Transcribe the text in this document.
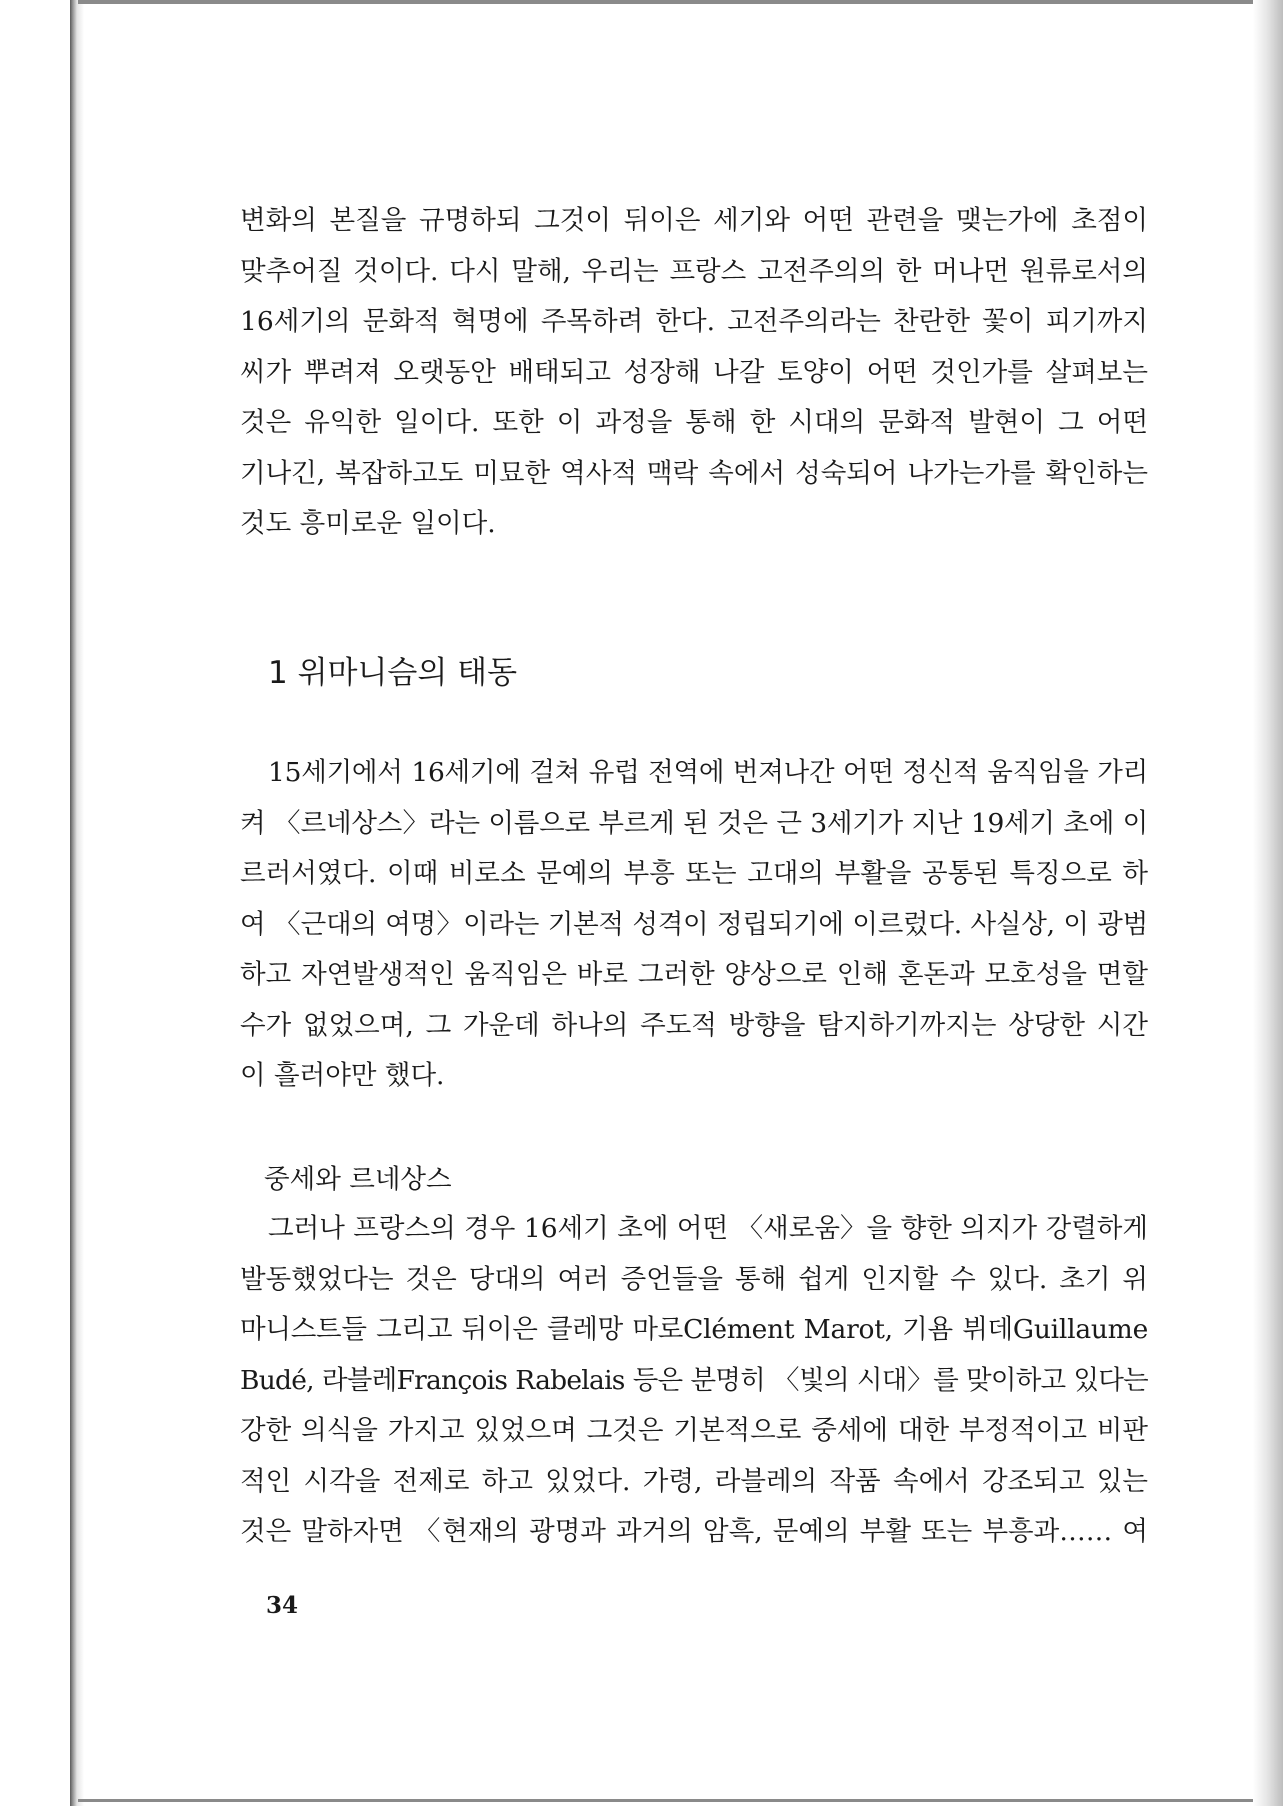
변화의 본질을 규명하되 그것이 뒤이은 세기와 어떤 관련을 맺는가에 초점이
맞추어질 것이다. 다시 말해, 우리는 프랑스 고전주의의 한 머나먼 원류로서의
16세기의 문화적 혁명에 주목하려 한다. 고전주의라는 찬란한 꽃이 피기까지
씨가 뿌려져 오랫동안 배태되고 성장해 나갈 토양이 어떤 것인가를 살펴보는
것은 유익한 일이다. 또한 이 과정을 통해 한 시대의 문화적 발현이 그 어떤
기나긴, 복잡하고도 미묘한 역사적 맥락 속에서 성숙되어 나가는가를 확인하는
것도 흥미로운 일이다.
1 위마니슴의 태동
15세기에서 16세기에 걸쳐 유럽 전역에 번져나간 어떤 정신적 움직임을 가리
켜 〈르네상스〉라는 이름으로 부르게 된 것은 근 3세기가 지난 19세기 초에 이
르러서였다. 이때 비로소 문예의 부흥 또는 고대의 부활을 공통된 특징으로 하
여 〈근대의 여명〉이라는 기본적 성격이 정립되기에 이르렀다. 사실상, 이 광범
하고 자연발생적인 움직임은 바로 그러한 양상으로 인해 혼돈과 모호성을 면할
수가 없었으며, 그 가운데 하나의 주도적 방향을 탐지하기까지는 상당한 시간
이 흘러야만 했다.
중세와 르네상스
그러나 프랑스의 경우 16세기 초에 어떤 〈새로움〉을 향한 의지가 강렬하게
발동했었다는 것은 당대의 여러 증언들을 통해 쉽게 인지할 수 있다. 초기 위
마니스트들 그리고 뒤이은 클레망 마로Clément Marot, 기욤 뷔데Guillaume
Budé, 라블레François Rabelais 등은 분명히 〈빛의 시대〉를 맞이하고 있다는
강한 의식을 가지고 있었으며 그것은 기본적으로 중세에 대한 부정적이고 비판
적인 시각을 전제로 하고 있었다. 가령, 라블레의 작품 속에서 강조되고 있는
것은 말하자면 〈현재의 광명과 과거의 암흑, 문예의 부활 또는 부흥과…… 여
34
